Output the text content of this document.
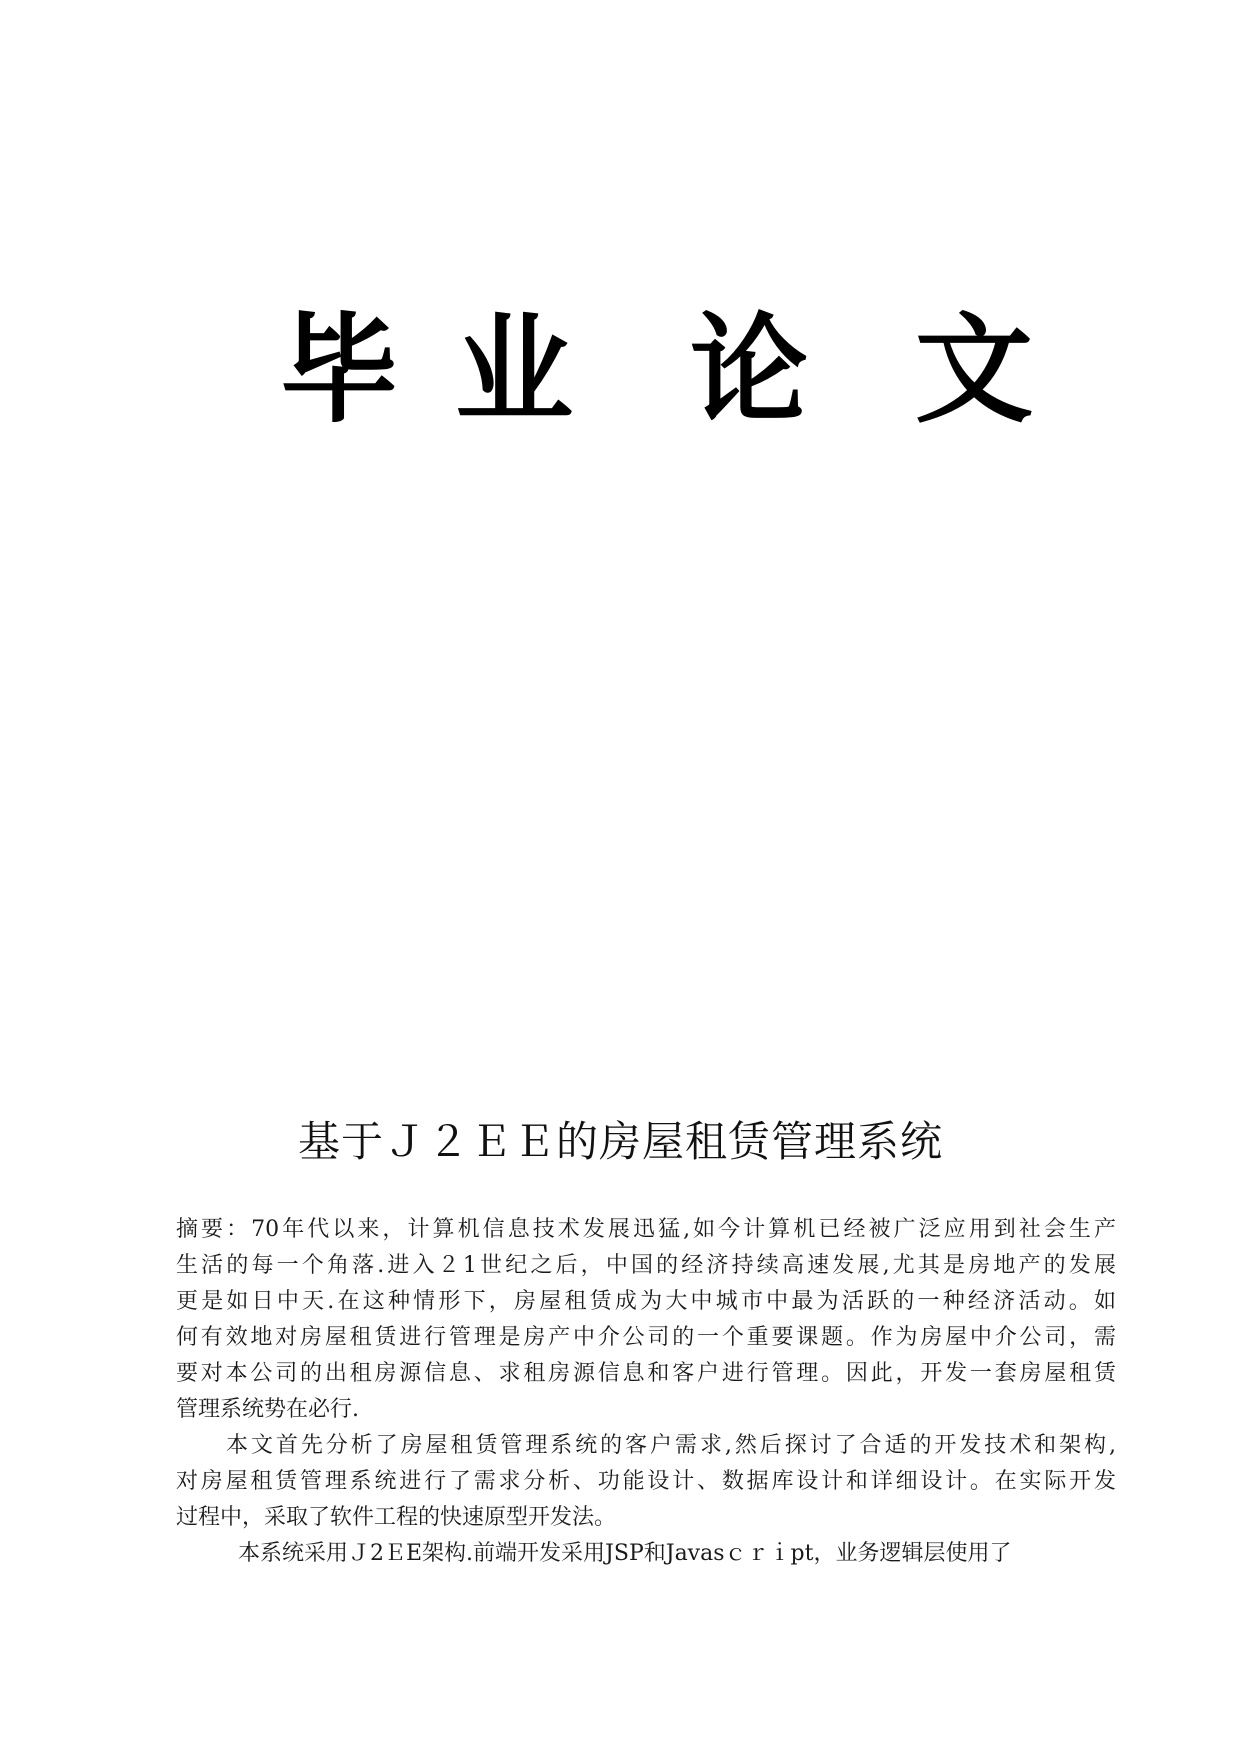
毕 业 论 文
基于Ｊ２ＥＥ的房屋租赁管理系统
摘要：70年代以来，计算机信息技术发展迅猛,如今计算机已经被广泛应用到社会生产
生活的每一个角落.进入２1世纪之后，中国的经济持续高速发展,尤其是房地产的发展
更是如日中天.在这种情形下，房屋租赁成为大中城市中最为活跃的一种经济活动。如
何有效地对房屋租赁进行管理是房产中介公司的一个重要课题。作为房屋中介公司，需
要对本公司的出租房源信息、求租房源信息和客户进行管理。因此，开发一套房屋租赁
管理系统势在必行.
本文首先分析了房屋租赁管理系统的客户需求,然后探讨了合适的开发技术和架构,
对房屋租赁管理系统进行了需求分析、功能设计、数据库设计和详细设计。在实际开发
过程中，采取了软件工程的快速原型开发法。
本系统采用Ｊ2ＥE架构.前端开发采用JSP和Javasｃｒｉpt，业务逻辑层使用了
